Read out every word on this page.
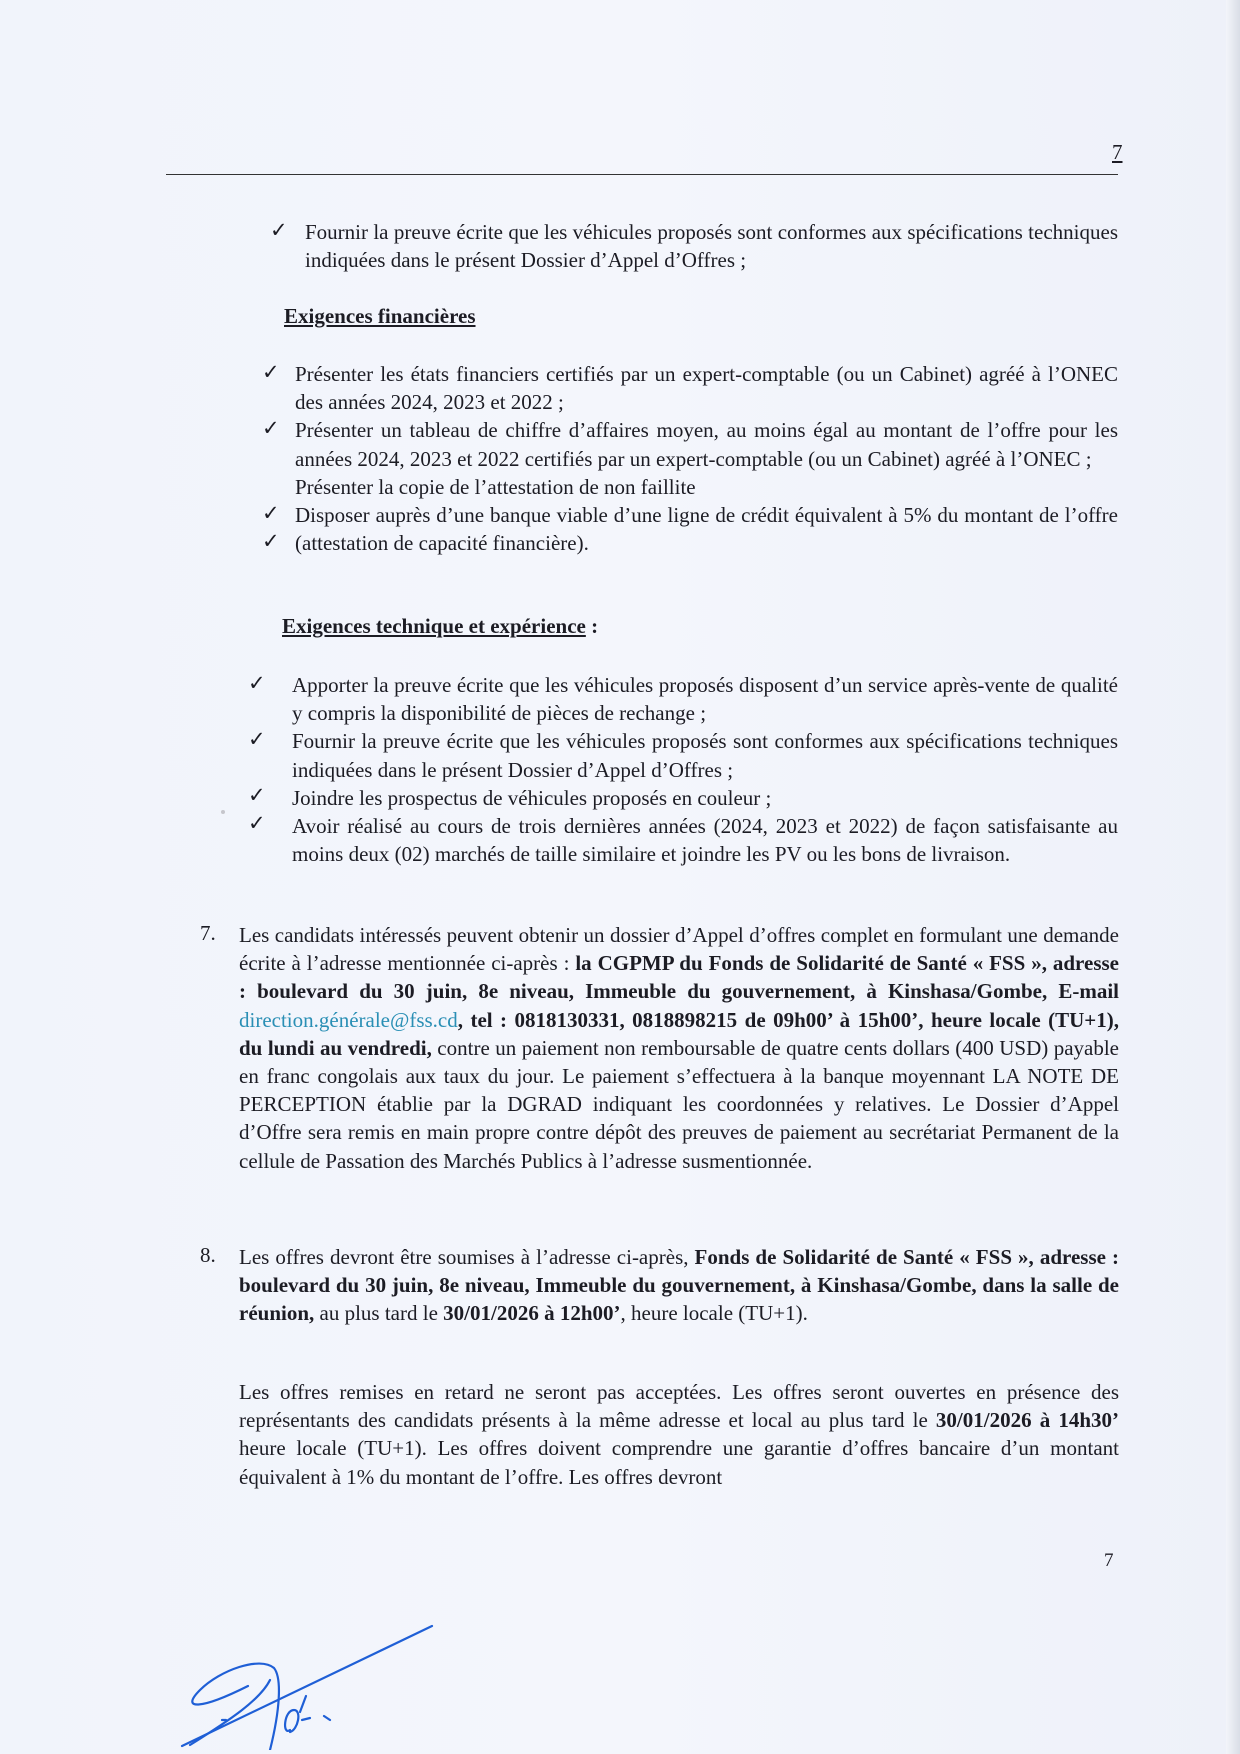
7
✓ Fournir la preuve écrite que les véhicules proposés sont conformes aux spécifications techniques indiquées dans le présent Dossier d’Appel d’Offres ;
Exigences financières
✓
✓
✓
✓
Présenter les états financiers certifiés par un expert-comptable (ou un Cabinet) agréé à l’ONEC des années 2024, 2023 et 2022 ;
Présenter un tableau de chiffre d’affaires moyen, au moins égal au montant de l’offre pour les années 2024, 2023 et 2022 certifiés par un expert-comptable (ou un Cabinet) agréé à l’ONEC ;
Présenter la copie de l’attestation de non faillite
Disposer auprès d’une banque viable d’une ligne de crédit équivalent à 5% du montant de l’offre (attestation de capacité financière).
Exigences technique et expérience :
✓
✓
✓
✓
Apporter la preuve écrite que les véhicules proposés disposent d’un service après-vente de qualité y compris la disponibilité de pièces de rechange ;
Fournir la preuve écrite que les véhicules proposés sont conformes aux spécifications techniques indiquées dans le présent Dossier d’Appel d’Offres ;
Joindre les prospectus de véhicules proposés en couleur ;
Avoir réalisé au cours de trois dernières années (2024, 2023 et 2022) de façon satisfaisante au moins deux (02) marchés de taille similaire et joindre les PV ou les bons de livraison.
7. Les candidats intéressés peuvent obtenir un dossier d’Appel d’offres complet en formulant une demande écrite à l’adresse mentionnée ci-après : la CGPMP du Fonds de Solidarité de Santé « FSS », adresse : boulevard du 30 juin, 8e niveau, Immeuble du gouvernement, à Kinshasa/Gombe, E-mail direction.générale@fss.cd, tel : 0818130331, 0818898215 de 09h00’ à 15h00’, heure locale (TU+1), du lundi au vendredi, contre un paiement non remboursable de quatre cents dollars (400 USD) payable en franc congolais aux taux du jour. Le paiement s’effectuera à la banque moyennant LA NOTE DE PERCEPTION établie par la DGRAD indiquant les coordonnées y relatives. Le Dossier d’Appel d’Offre sera remis en main propre contre dépôt des preuves de paiement au secrétariat Permanent de la cellule de Passation des Marchés Publics à l’adresse susmentionnée.
8. Les offres devront être soumises à l’adresse ci-après, Fonds de Solidarité de Santé « FSS », adresse : boulevard du 30 juin, 8e niveau, Immeuble du gouvernement, à Kinshasa/Gombe, dans la salle de réunion, au plus tard le 30/01/2026 à 12h00’, heure locale (TU+1).
Les offres remises en retard ne seront pas acceptées. Les offres seront ouvertes en présence des représentants des candidats présents à la même adresse et local au plus tard le 30/01/2026 à 14h30’ heure locale (TU+1). Les offres doivent comprendre une garantie d’offres bancaire d’un montant équivalent à 1% du montant de l’offre. Les offres devront
7
